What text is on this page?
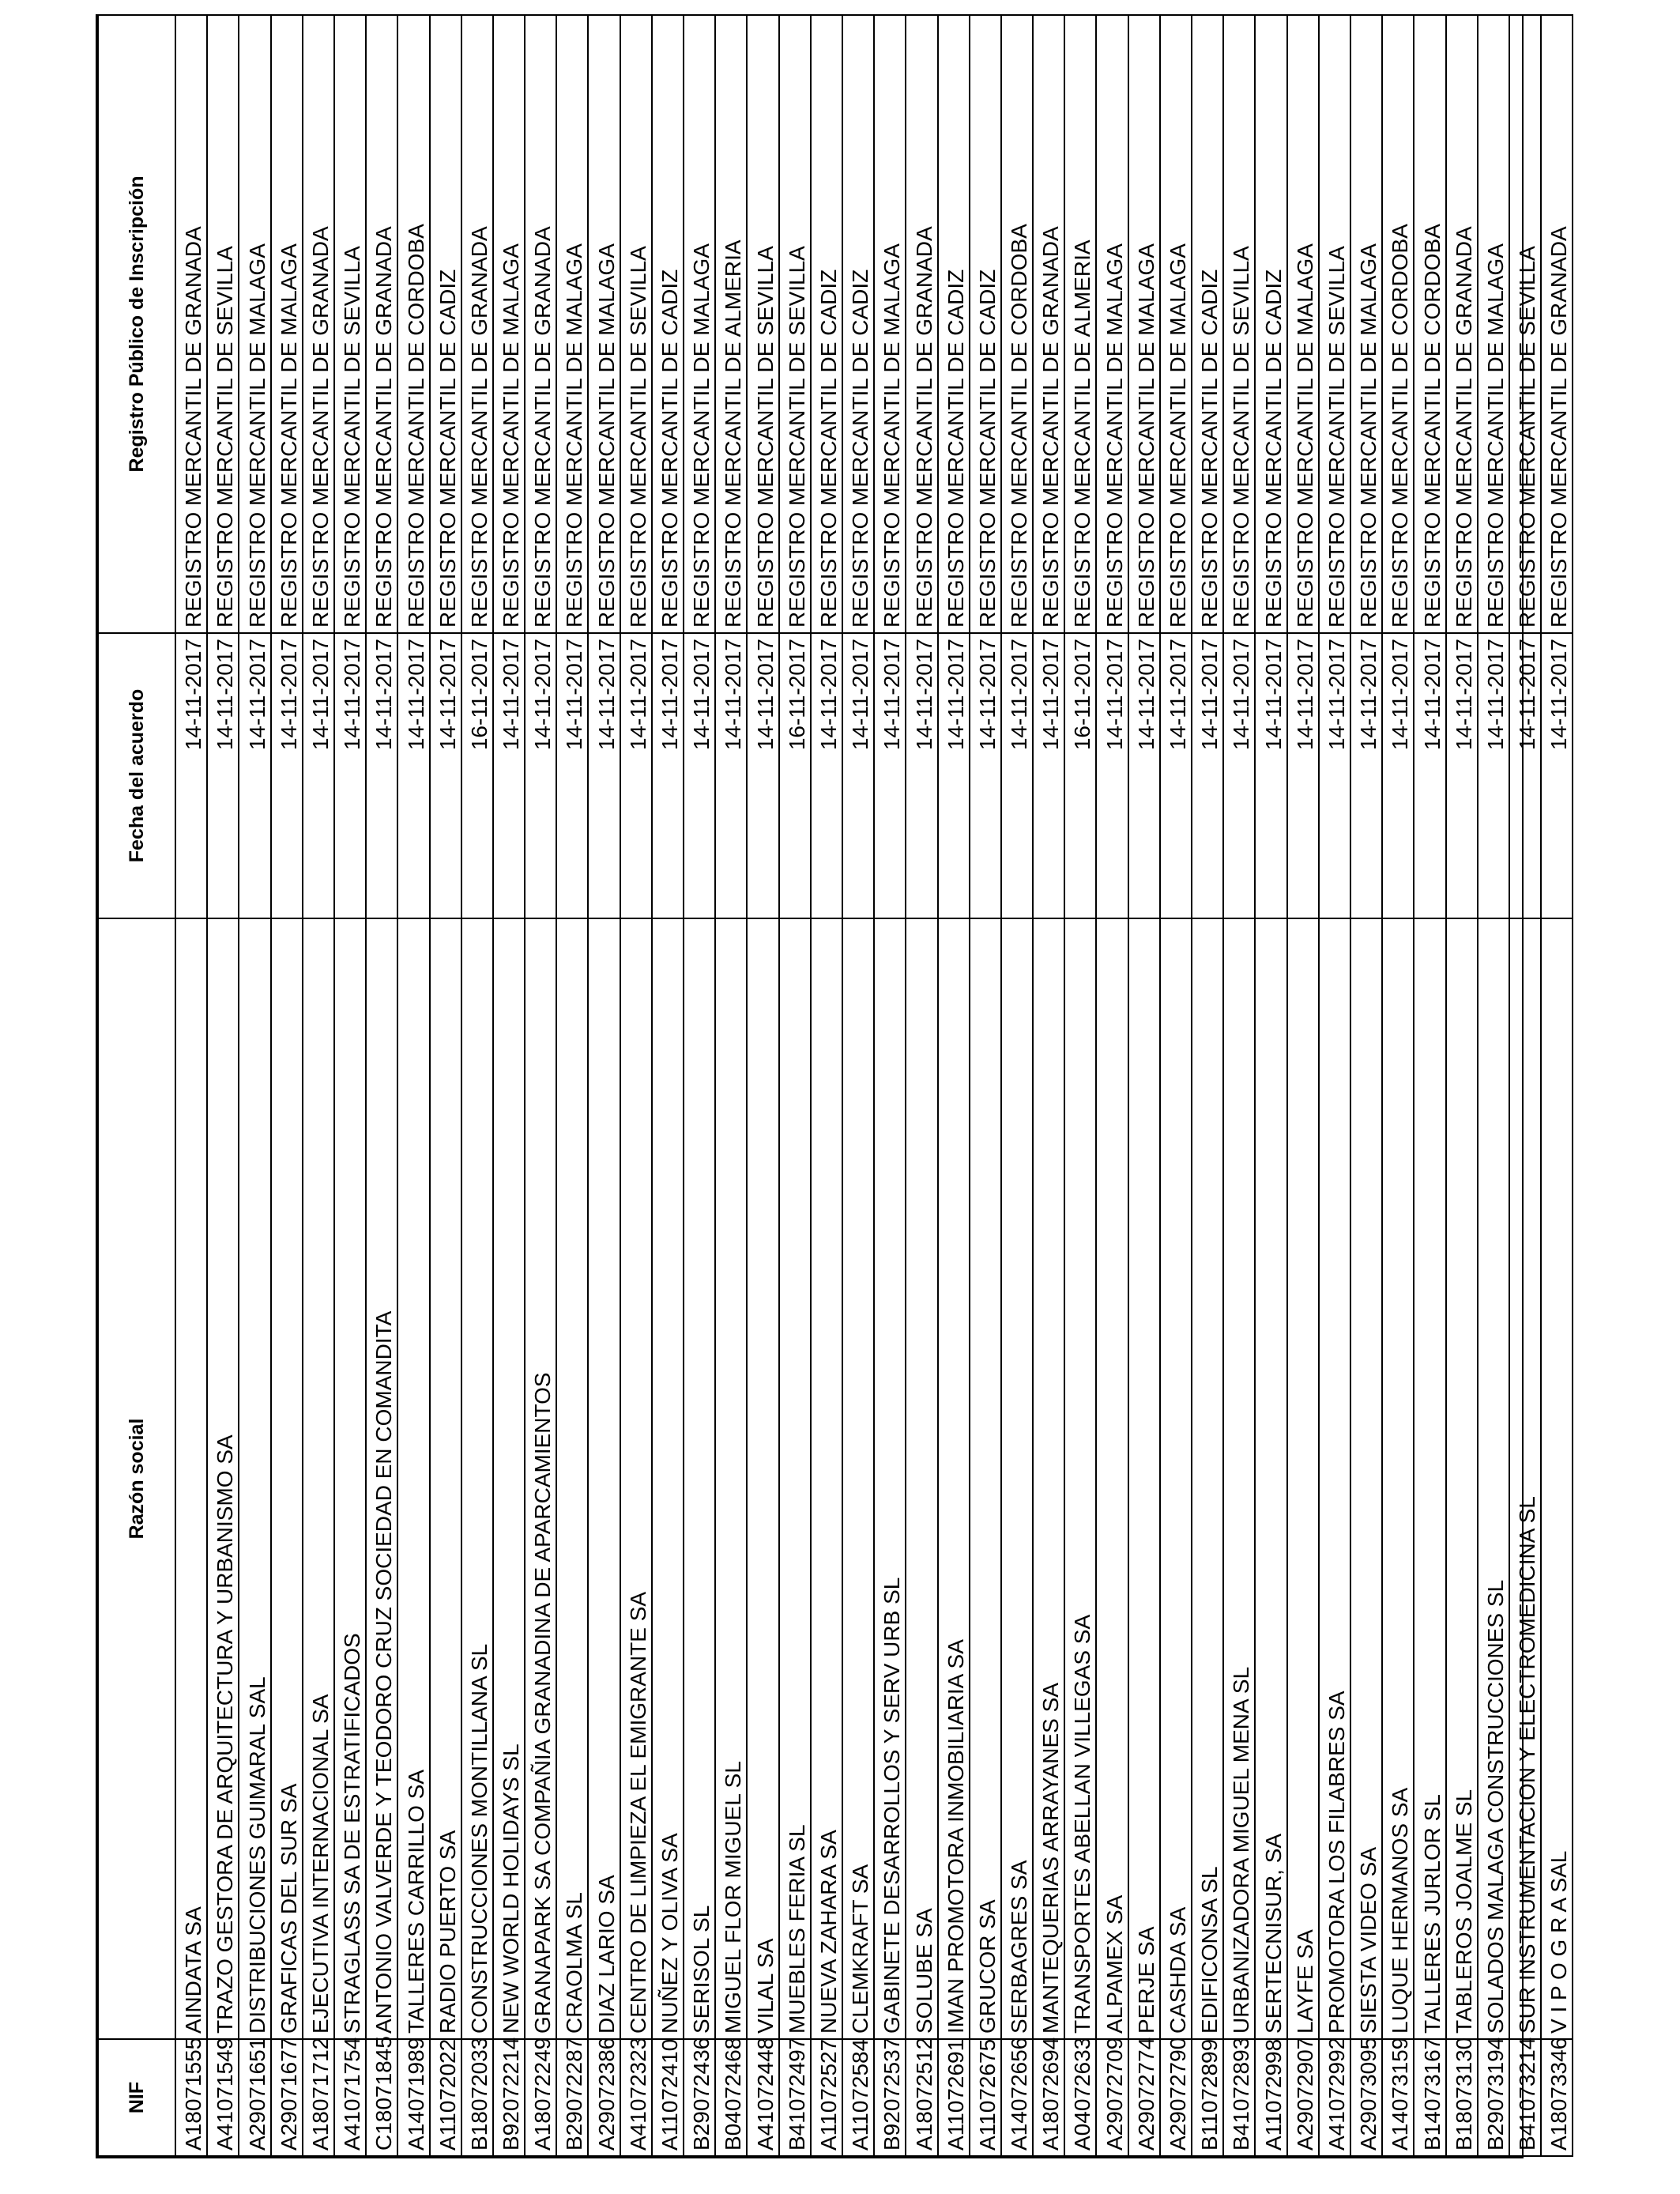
NIF	Razón social	Fecha del acuerdo	Registro Público de Inscripción
A18071555	AINDATA SA	14-11-2017	REGISTRO MERCANTIL DE GRANADA
A41071549	TRAZO GESTORA DE ARQUITECTURA Y URBANISMO SA	14-11-2017	REGISTRO MERCANTIL DE SEVILLA
A29071651	DISTRIBUCIONES GUIMARAL SAL	14-11-2017	REGISTRO MERCANTIL DE MALAGA
A29071677	GRAFICAS DEL SUR SA	14-11-2017	REGISTRO MERCANTIL DE MALAGA
A18071712	EJECUTIVA INTERNACIONAL SA	14-11-2017	REGISTRO MERCANTIL DE GRANADA
A41071754	STRAGLASS SA DE ESTRATIFICADOS	14-11-2017	REGISTRO MERCANTIL DE SEVILLA
C18071845	ANTONIO VALVERDE Y TEODORO CRUZ SOCIEDAD EN COMANDITA	14-11-2017	REGISTRO MERCANTIL DE GRANADA
A14071989	TALLERES CARRILLO SA	14-11-2017	REGISTRO MERCANTIL DE CORDOBA
A11072022	RADIO PUERTO SA	14-11-2017	REGISTRO MERCANTIL DE CADIZ
B18072033	CONSTRUCCIONES MONTILLANA SL	16-11-2017	REGISTRO MERCANTIL DE GRANADA
B92072214	NEW WORLD HOLIDAYS SL	14-11-2017	REGISTRO MERCANTIL DE MALAGA
A18072249	GRANAPARK SA COMPAÑIA GRANADINA DE APARCAMIENTOS	14-11-2017	REGISTRO MERCANTIL DE GRANADA
B29072287	CRAOLMA SL	14-11-2017	REGISTRO MERCANTIL DE MALAGA
A29072386	DIAZ LARIO SA	14-11-2017	REGISTRO MERCANTIL DE MALAGA
A41072323	CENTRO DE LIMPIEZA EL EMIGRANTE SA	14-11-2017	REGISTRO MERCANTIL DE SEVILLA
A11072410	NUÑEZ Y OLIVA SA	14-11-2017	REGISTRO MERCANTIL DE CADIZ
B29072436	SERISOL SL	14-11-2017	REGISTRO MERCANTIL DE MALAGA
B04072468	MIGUEL FLOR MIGUEL SL	14-11-2017	REGISTRO MERCANTIL DE ALMERIA
A41072448	VILAL SA	14-11-2017	REGISTRO MERCANTIL DE SEVILLA
B41072497	MUEBLES FERIA SL	16-11-2017	REGISTRO MERCANTIL DE SEVILLA
A11072527	NUEVA ZAHARA SA	14-11-2017	REGISTRO MERCANTIL DE CADIZ
A11072584	CLEMKRAFT SA	14-11-2017	REGISTRO MERCANTIL DE CADIZ
B92072537	GABINETE DESARROLLOS Y SERV URB SL	14-11-2017	REGISTRO MERCANTIL DE MALAGA
A18072512	SOLUBE SA	14-11-2017	REGISTRO MERCANTIL DE GRANADA
A11072691	IMAN PROMOTORA INMOBILIARIA SA	14-11-2017	REGISTRO MERCANTIL DE CADIZ
A11072675	GRUCOR SA	14-11-2017	REGISTRO MERCANTIL DE CADIZ
A14072656	SERBAGRES SA	14-11-2017	REGISTRO MERCANTIL DE CORDOBA
A18072694	MANTEQUERIAS ARRAYANES SA	14-11-2017	REGISTRO MERCANTIL DE GRANADA
A04072633	TRANSPORTES ABELLAN VILLEGAS SA	16-11-2017	REGISTRO MERCANTIL DE ALMERIA
A29072709	ALPAMEX SA	14-11-2017	REGISTRO MERCANTIL DE MALAGA
A29072774	PERJE SA	14-11-2017	REGISTRO MERCANTIL DE MALAGA
A29072790	CASHDA SA	14-11-2017	REGISTRO MERCANTIL DE MALAGA
B11072899	EDIFICONSA SL	14-11-2017	REGISTRO MERCANTIL DE CADIZ
B41072893	URBANIZADORA MIGUEL MENA SL	14-11-2017	REGISTRO MERCANTIL DE SEVILLA
A11072998	SERTECNISUR, SA	14-11-2017	REGISTRO MERCANTIL DE CADIZ
A29072907	LAYFE SA	14-11-2017	REGISTRO MERCANTIL DE MALAGA
A41072992	PROMOTORA LOS FILABRES SA	14-11-2017	REGISTRO MERCANTIL DE SEVILLA
A29073095	SIESTA VIDEO SA	14-11-2017	REGISTRO MERCANTIL DE MALAGA
A14073159	LUQUE HERMANOS SA	14-11-2017	REGISTRO MERCANTIL DE CORDOBA
B14073167	TALLERES JURLOR SL	14-11-2017	REGISTRO MERCANTIL DE CORDOBA
B18073130	TABLEROS JOALME SL	14-11-2017	REGISTRO MERCANTIL DE GRANADA
B29073194	SOLADOS MALAGA CONSTRUCCIONES SL	14-11-2017	REGISTRO MERCANTIL DE MALAGA
B41073214	SUR INSTRUMENTACION Y ELECTROMEDICINA SL	14-11-2017	REGISTRO MERCANTIL DE SEVILLA
A18073346	V I P O G R A SAL	14-11-2017	REGISTRO MERCANTIL DE GRANADA
